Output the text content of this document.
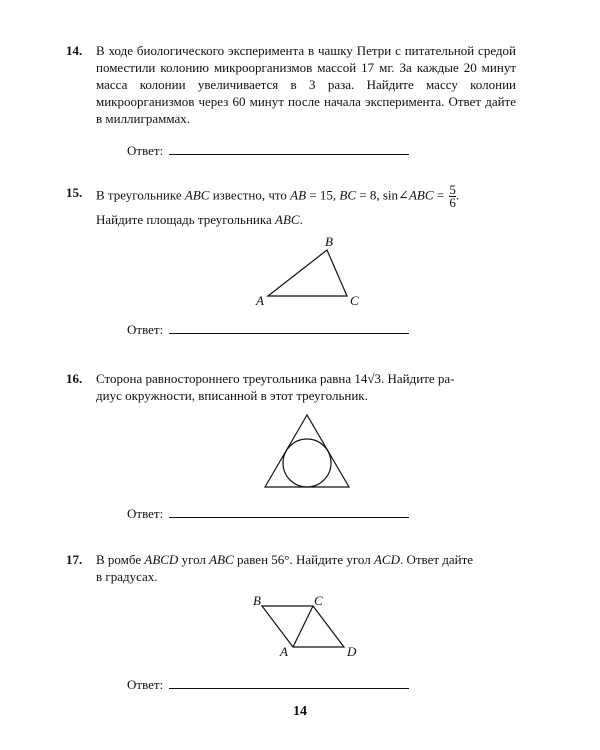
14. В ходе биологического эксперимента в чашку Петри с питательной средой поместили колонию микроорганизмов массой 17 мг. За каждые 20 минут масса колонии увеличивается в 3 раза. Найдите массу колонии микроорганизмов через 60 минут после начала эксперимента. Ответ дайте в миллиграммах.
Ответ:
15. В треугольнике ABC известно, что AB = 15, BC = 8, sin∠ABC = $\frac{5}{6}$ .
Найдите площадь треугольника ABC.
A
B
C
Ответ:
16. Сторона равностороннего треугольника равна 14√3. Найдите ра-
диус окружности, вписанной в этот треугольник.
Ответ:
17. В ромбе ABCD угол ABC равен 56°. Найдите угол ACD. Ответ дайте
в градусах.
B	C
A	D
Ответ:
14
